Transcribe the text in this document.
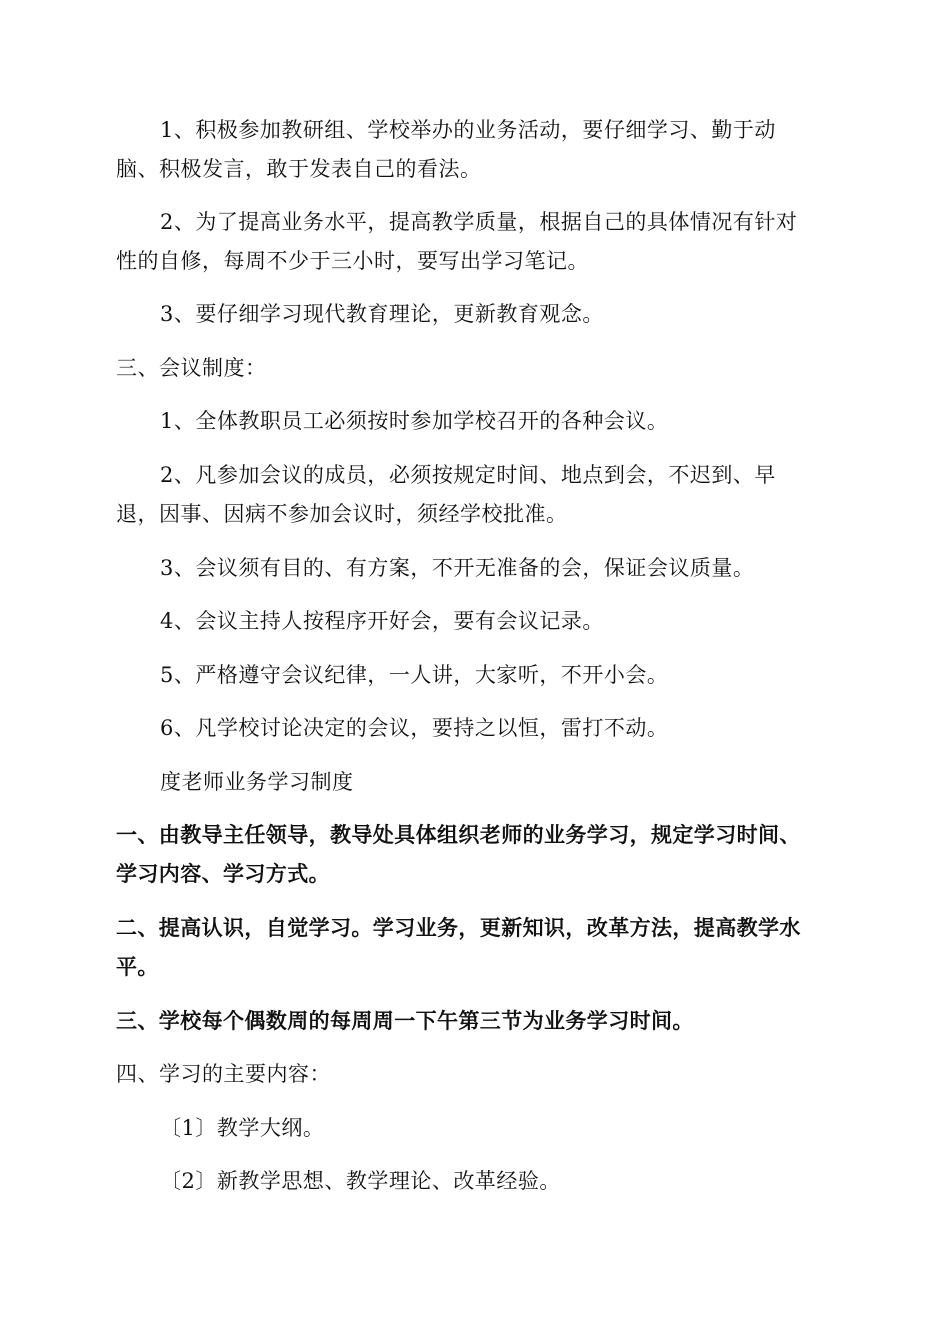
1、积极参加教研组、学校举办的业务活动，要仔细学习、勤于动
脑、积极发言，敢于发表自己的看法。
2、为了提高业务水平，提高教学质量，根据自己的具体情况有针对
性的自修，每周不少于三小时，要写出学习笔记。
3、要仔细学习现代教育理论，更新教育观念。
三、会议制度：
1、全体教职员工必须按时参加学校召开的各种会议。
2、凡参加会议的成员，必须按规定时间、地点到会，不迟到、早
退，因事、因病不参加会议时，须经学校批准。
3、会议须有目的、有方案，不开无准备的会，保证会议质量。
4、会议主持人按程序开好会，要有会议记录。
5、严格遵守会议纪律，一人讲，大家听，不开小会。
6、凡学校讨论决定的会议，要持之以恒，雷打不动。
度老师业务学习制度
一、由教导主任领导，教导处具体组织老师的业务学习，规定学习时间、
学习内容、学习方式。
二、提高认识，自觉学习。学习业务，更新知识，改革方法，提高教学水
平。
三、学校每个偶数周的每周周一下午第三节为业务学习时间。
四、学习的主要内容：
〔1〕教学大纲。
〔2〕新教学思想、教学理论、改革经验。
